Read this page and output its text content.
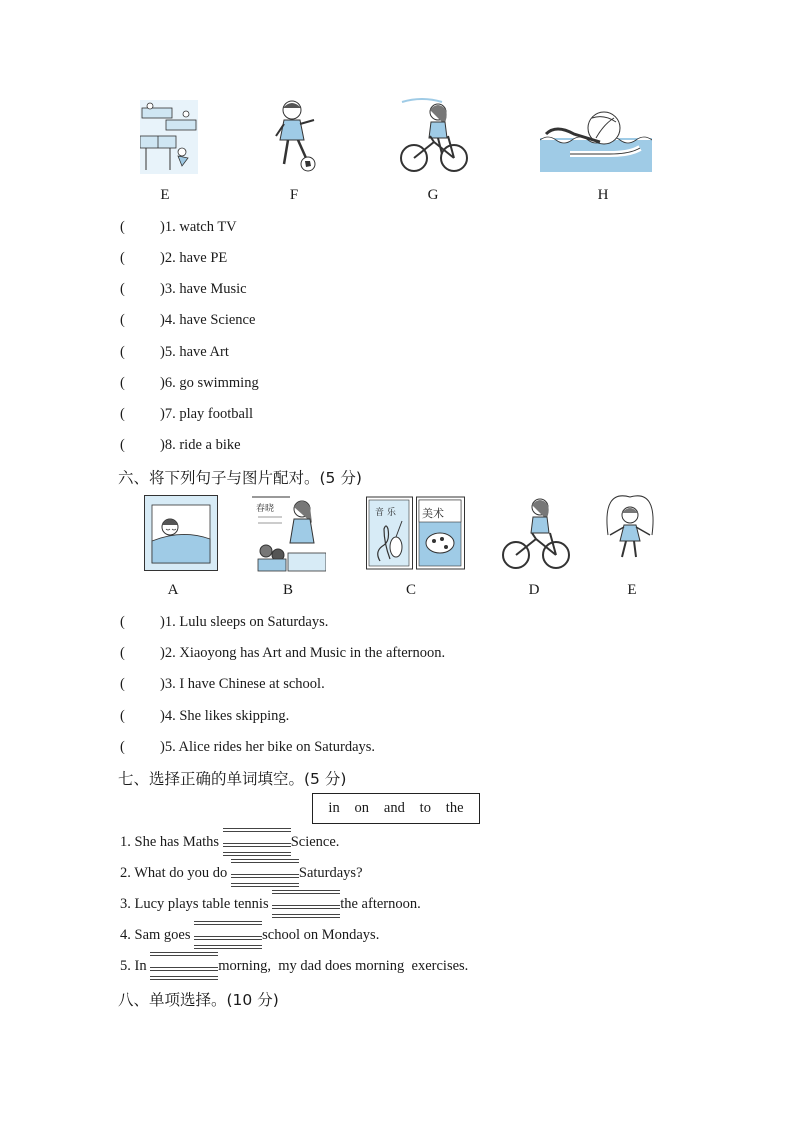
E	F	G	H
( )1. watch TV
( )2. have PE
( )3. have Music
( )4. have Science
( )5. have Art
( )6. go swimming
( )7. play football
( )8. ride a bike
六、将下列句子与图片配对。(5 分)
春晓	音 乐 美术
A	B	C	D	E
( )1. Lulu sleeps on Saturdays.
( )2. Xiaoyong has Art and Music in the afternoon.
( )3. I have Chinese at school.
( )4. She likes skipping.
( )5. Alice rides her bike on Saturdays.
七、选择正确的单词填空。(5 分)
in on and to the
1. She has Maths	Science.
2. What do you do	Saturdays?
3. Lucy plays table tennis	the afternoon.
4. Sam goes	school on Mondays.
5. In	morning,  my dad does morning  exercises.
八、单项选择。(10 分)
